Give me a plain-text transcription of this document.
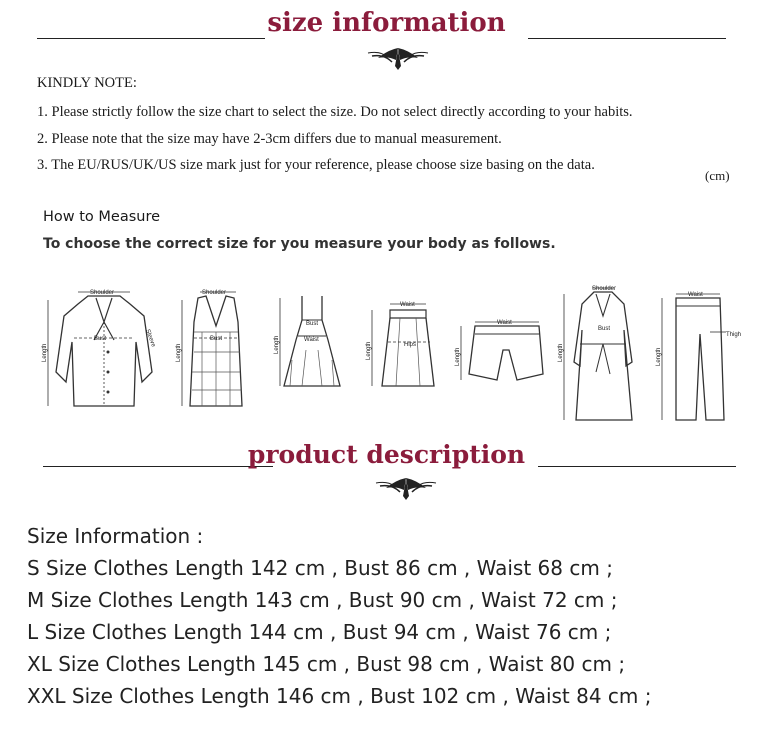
size information
KINDLY NOTE:
1. Please strictly follow the size chart to select the size. Do not select directly according to your habits.
2. Please note that the size may have 2-3cm differs due to manual measurement.
3. The EU/RUS/UK/US size mark just for your reference, please choose size basing on the data.
(cm)
How to Measure
To choose the correct size for you measure your body as follows.
Shoulder
Bust
Length
Sleeve
Shoulder
Bust
Length
Bust
Waist
Length
Waist
Hips
Length
Waist
Length
Shoulder
Bust
Length
Waist
Thigh
Length
product description
Size Information :
S Size Clothes Length 142 cm , Bust 86 cm , Waist 68 cm ;
M Size Clothes Length 143 cm , Bust 90 cm , Waist 72 cm ;
L Size Clothes Length 144 cm , Bust 94 cm , Waist 76 cm ;
XL Size Clothes Length 145 cm , Bust 98 cm , Waist 80 cm ;
XXL Size Clothes Length 146 cm , Bust 102 cm , Waist 84 cm ;
